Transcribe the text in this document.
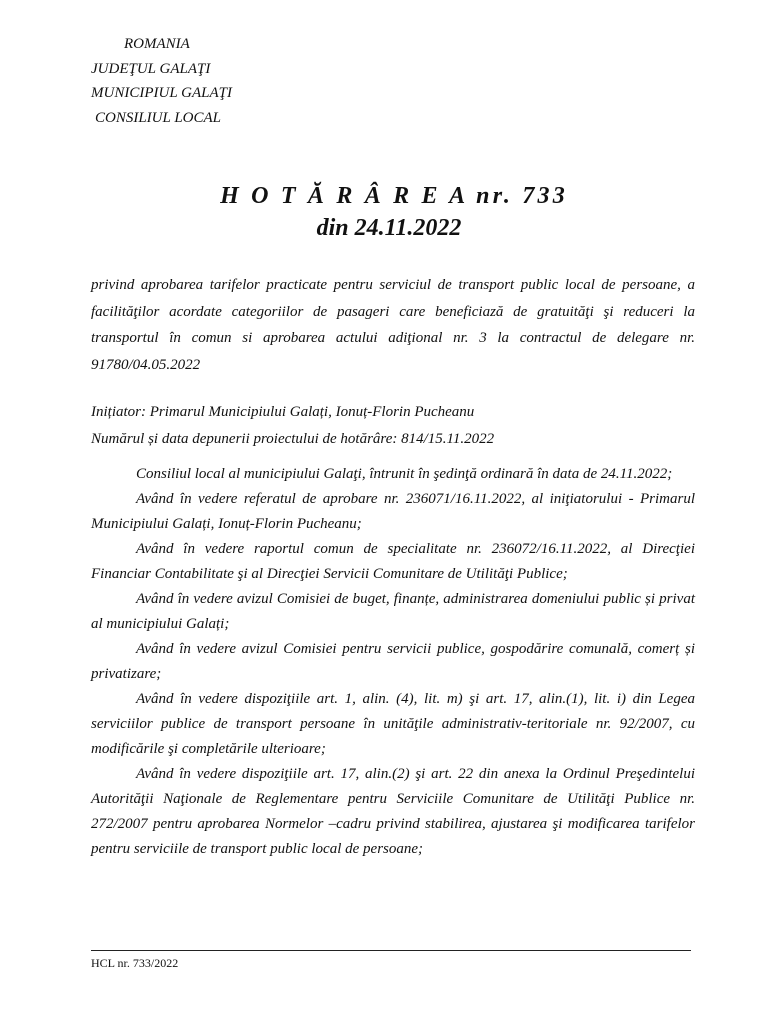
ROMANIA
JUDEŢUL GALAŢI
MUNICIPIUL GALAŢI
CONSILIUL LOCAL
H O T Ă R Â R E A nr. 733
din 24.11.2022
privind aprobarea tarifelor practicate pentru serviciul de transport public local de persoane, a facilităţilor acordate categoriilor de pasageri care beneficiază de gratuităţi şi reduceri la transportul în comun si aprobarea actului adiţional nr. 3 la contractul de delegare nr. 91780/04.05.2022
Inițiator: Primarul Municipiului Galați, Ionuț-Florin Pucheanu
Numărul și data depunerii proiectului de hotărâre: 814/15.11.2022

Consiliul local al municipiului Galaţi, întrunit în şedinţă ordinară în data de 24.11.2022;

Având în vedere referatul de aprobare nr. 236071/16.11.2022, al iniţiatorului - Primarul Municipiului Galați, Ionuț-Florin Pucheanu;

Având în vedere raportul comun de specialitate nr. 236072/16.11.2022, al Direcţiei Financiar Contabilitate şi al Direcţiei Servicii Comunitare de Utilităţi Publice;

Având în vedere avizul Comisiei de buget, finanțe, administrarea domeniului public și privat al municipiului Galați;

Având în vedere avizul Comisiei pentru servicii publice, gospodărire comunală, comerț și privatizare;

Având în vedere dispoziţiile art. 1, alin. (4), lit. m) şi art. 17, alin.(1), lit. i) din Legea serviciilor publice de transport persoane în unităţile administrativ-teritoriale nr. 92/2007, cu modificările şi completările ulterioare;

Având în vedere dispoziţiile art. 17, alin.(2) şi art. 22 din anexa la Ordinul Preşedintelui Autorităţii Naţionale de Reglementare pentru Serviciile Comunitare de Utilităţi Publice nr. 272/2007 pentru aprobarea Normelor –cadru privind stabilirea, ajustarea şi modificarea tarifelor pentru serviciile de transport public local de persoane;

HCL nr. 733/2022
